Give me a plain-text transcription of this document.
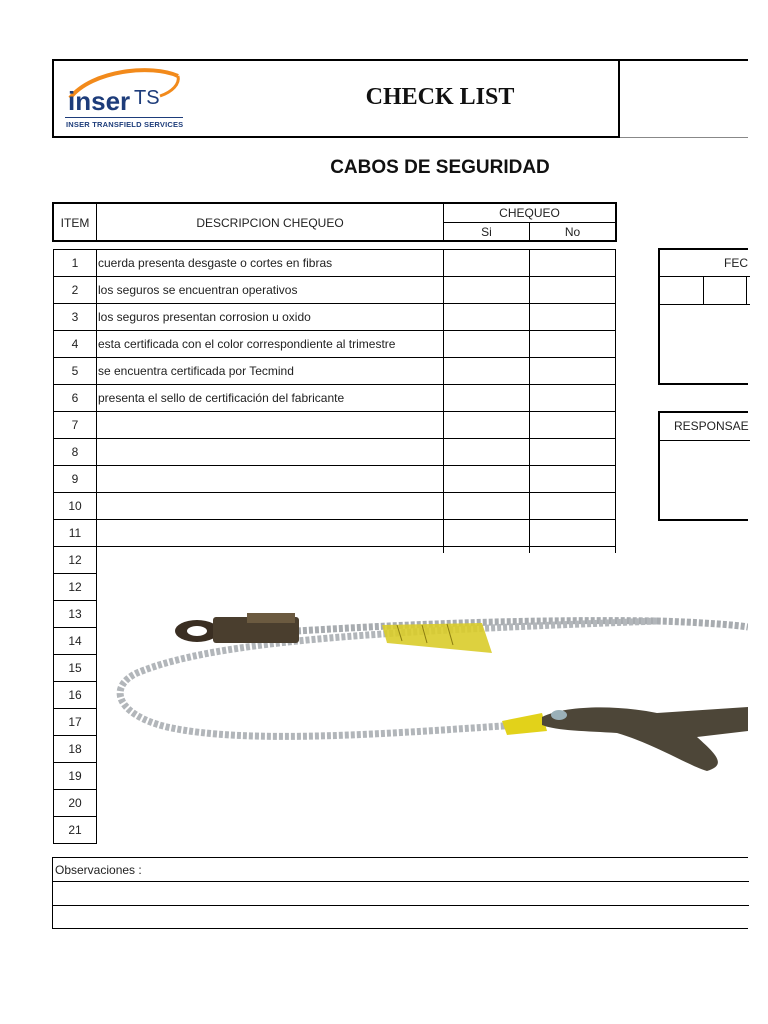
inser TS
INSER TRANSFIELD SERVICES
CHECK LIST
CABOS DE SEGURIDAD
ITEM	DESCRIPCION CHEQUEO
CHEQUEO
Si	No
1	cuerda presenta desgaste o cortes en fibras
2	los seguros se encuentran operativos
3	los seguros presentan corrosion u oxido
4	esta certificada con el color correspondiente al trimestre
5	se encuentra certificada por Tecmind
6	presenta el sello de certificación del fabricante
7
8
9
10
11
12
12
13
14
15
16
17
18
19
20
21
FEC
RESPONSAE
Observaciones :
